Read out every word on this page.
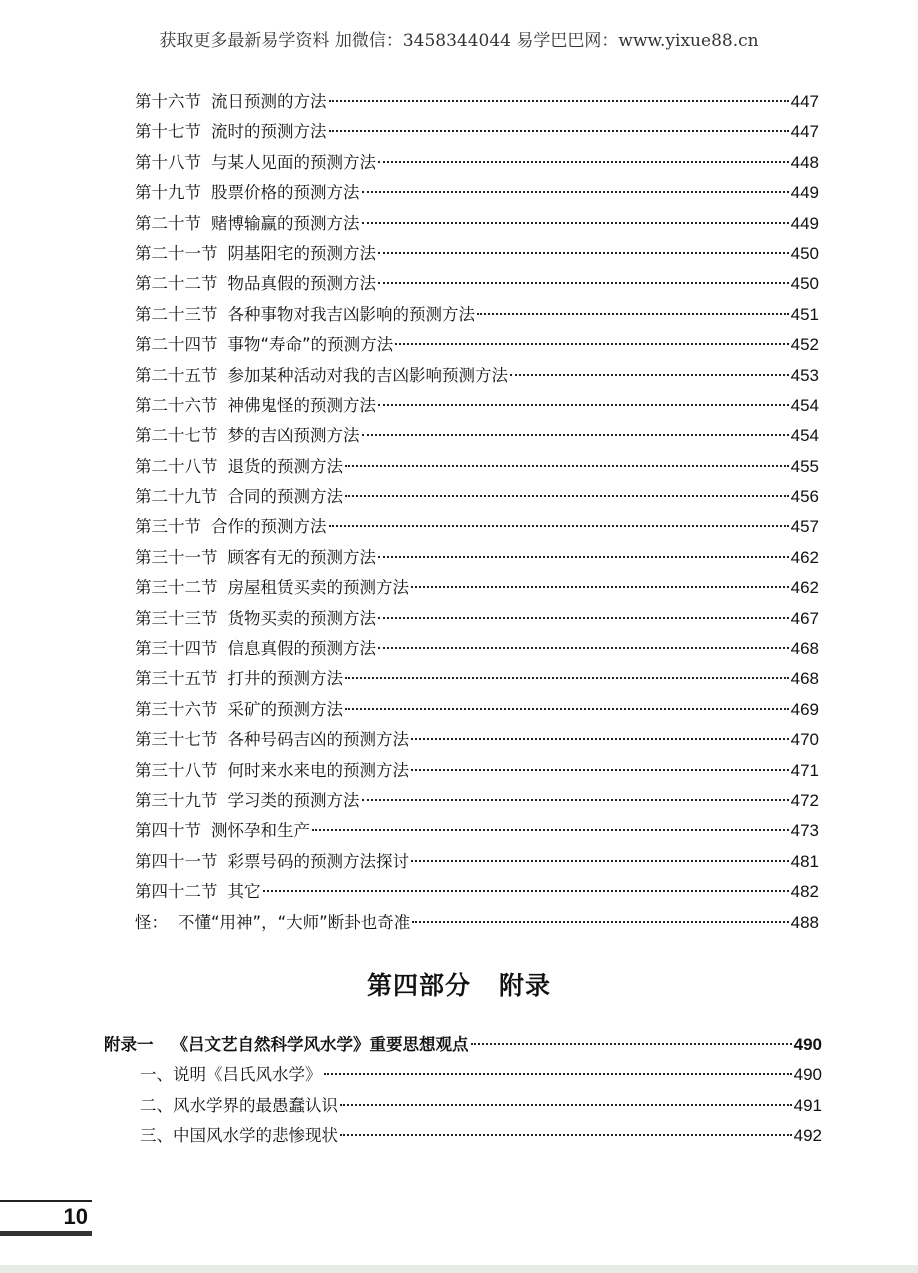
获取更多最新易学资料 加微信：3458344044 易学巴巴网：www.yixue88.cn
第十六节 流日预测的方法	447
第十七节 流时的预测方法	447
第十八节 与某人见面的预测方法	448
第十九节 股票价格的预测方法	449
第二十节 赌博输赢的预测方法	449
第二十一节 阴基阳宅的预测方法	450
第二十二节 物品真假的预测方法	450
第二十三节 各种事物对我吉凶影响的预测方法	451
第二十四节 事物“寿命”的预测方法	452
第二十五节 参加某种活动对我的吉凶影响预测方法	453
第二十六节 神佛鬼怪的预测方法	454
第二十七节 梦的吉凶预测方法	454
第二十八节 退货的预测方法	455
第二十九节 合同的预测方法	456
第三十节 合作的预测方法	457
第三十一节 顾客有无的预测方法	462
第三十二节 房屋租赁买卖的预测方法	462
第三十三节 货物买卖的预测方法	467
第三十四节 信息真假的预测方法	468
第三十五节 打井的预测方法	468
第三十六节 采矿的预测方法	469
第三十七节 各种号码吉凶的预测方法	470
第三十八节 何时来水来电的预测方法	471
第三十九节 学习类的预测方法	472
第四十节 测怀孕和生产	473
第四十一节 彩票号码的预测方法探讨	481
第四十二节 其它	482
怪： 不懂“用神”，“大师”断卦也奇准	488
第四部分 附录
附录一 《吕文艺自然科学风水学》重要思想观点	490
一、说明《吕氏风水学》	490
二、风水学界的最愚蠢认识	491
三、中国风水学的悲惨现状	492
10
